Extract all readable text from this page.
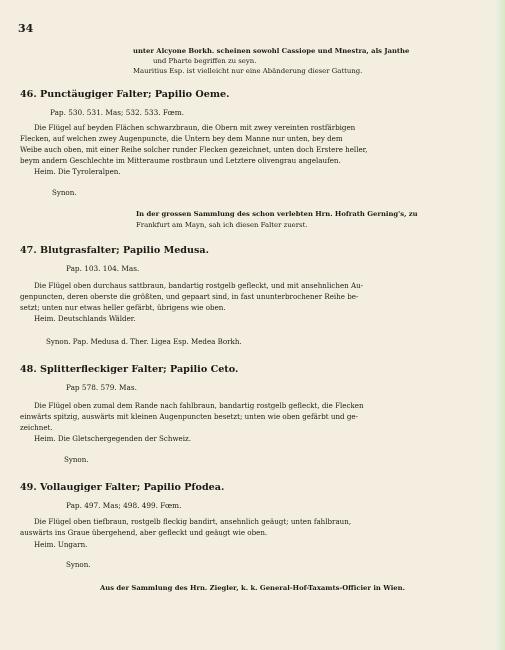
34
unter Alcyone Borkh. scheinen sowohl Cassiope und Mnestra, als Janthe
und Pharte begriffen zu seyn.
Mauritius Esp. ist vielleicht nur eine Abänderung dieser Gattung.
46. Punctäugiger Falter; Papilio Oeme.
Pap. 530. 531. Mas; 532. 533. Fœm.
Die Flügel auf beyden Flächen schwarzbraun, die Obern mit zwey vereinten rostfärbigen
Flecken, auf welchen zwey Augenpuncte, die Untern bey dem Manne nur unten, bey dem
Weibe auch oben, mit einer Reihe solcher runder Flecken gezeichnet, unten doch Erstere heller,
beym andern Geschlechte im Mitteraume rostbraun und Letztere olivengrau angelaufen.
Heim. Die Tyroleralpen.
Synon.
In der grossen Sammlung des schon verlebten Hrn. Hofrath Gerning's, zu
Frankfurt am Mayn, sah ich diesen Falter zuerst.
47. Blutgrasfalter; Papilio Medusa.
Pap. 103. 104. Mas.
Die Flügel oben durchaus sattbraun, bandartig rostgelb gefleckt, und mit ansehnlichen Au-
genpuncten, deren oberste die größten, und gepaart sind, in fast ununterbrochener Reihe be-
setzt; unten nur etwas heller gefärbt, übrigens wie oben.
Heim. Deutschlands Wälder.
Synon. Pap. Medusa d. Ther. Ligea Esp. Medea Borkh.
48. Splitterfleckiger Falter; Papilio Ceto.
Pap 578. 579. Mas.
Die Flügel oben zumal dem Rande nach fahlbraun, bandartig rostgelb gefleckt, die Flecken
einwärts spitzig, auswärts mit kleinen Augenpuncten besetzt; unten wie oben gefärbt und ge-
zeichnet.
Heim. Die Gletschergegenden der Schweiz.
Synon.
49. Vollaugiger Falter; Papilio Pfodea.
Pap. 497. Mas; 498. 499. Fœm.
Die Flügel oben tiefbraun, rostgelb fleckig bandirt, ansehnlich geäugt; unten fahlbraun,
auswärts ins Graue übergehend, aber gefleckt und geäugt wie oben.
Heim. Ungarn.
Synon.
Aus der Sammlung des Hrn. Ziegler, k. k. General-Hof-Taxamts-Officier in Wien.
